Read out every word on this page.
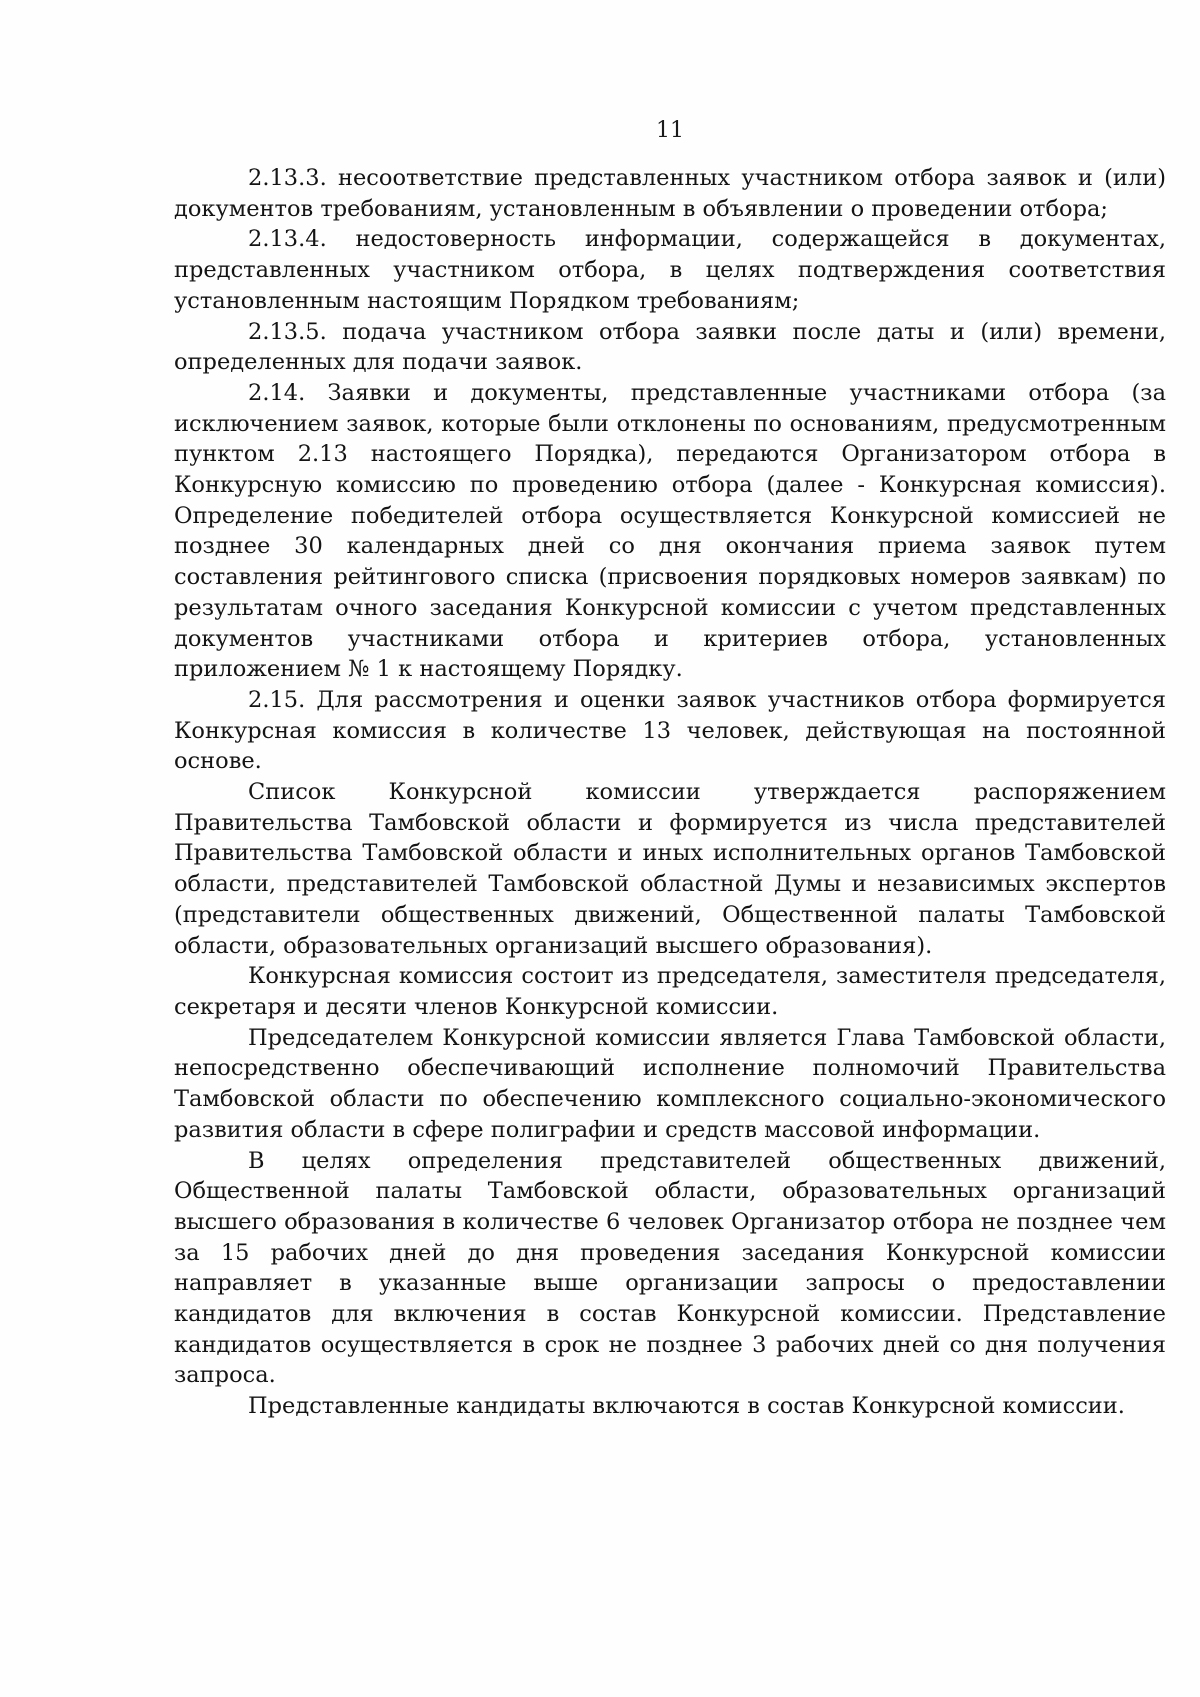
11

2.13.3. несоответствие представленных участником отбора заявок и (или) документов требованиям, установленным в объявлении о проведении отбора;

2.13.4. недостоверность информации, содержащейся в документах, представленных участником отбора, в целях подтверждения соответствия установленным настоящим Порядком требованиям;

2.13.5. подача участником отбора заявки после даты и (или) времени, определенных для подачи заявок.

2.14. Заявки и документы, представленные участниками отбора (за исключением заявок, которые были отклонены по основаниям, предусмотренным пунктом 2.13 настоящего Порядка), передаются Организатором отбора в Конкурсную комиссию по проведению отбора (далее - Конкурсная комиссия). Определение победителей отбора осуществляется Конкурсной комиссией не позднее 30 календарных дней со дня окончания приема заявок путем составления рейтингового списка (присвоения порядковых номеров заявкам) по результатам очного заседания Конкурсной комиссии с учетом представленных документов участниками отбора и критериев отбора, установленных приложением № 1 к настоящему Порядку.

2.15. Для рассмотрения и оценки заявок участников отбора формируется Конкурсная комиссия в количестве 13 человек, действующая на постоянной основе.

Список Конкурсной комиссии утверждается распоряжением Правительства Тамбовской области и формируется из числа представителей Правительства Тамбовской области и иных исполнительных органов Тамбовской области, представителей Тамбовской областной Думы и независимых экспертов (представители общественных движений, Общественной палаты Тамбовской области, образовательных организаций высшего образования).

Конкурсная комиссия состоит из председателя, заместителя председателя, секретаря и десяти членов Конкурсной комиссии.

Председателем Конкурсной комиссии является Глава Тамбовской области, непосредственно обеспечивающий исполнение полномочий Правительства Тамбовской области по обеспечению комплексного социально-экономического развития области в сфере полиграфии и средств массовой информации.

В целях определения представителей общественных движений, Общественной палаты Тамбовской области, образовательных организаций высшего образования в количестве 6 человек Организатор отбора не позднее чем за 15 рабочих дней до дня проведения заседания Конкурсной комиссии направляет в указанные выше организации запросы о предоставлении кандидатов для включения в состав Конкурсной комиссии. Представление кандидатов осуществляется в срок не позднее 3 рабочих дней со дня получения запроса.

Представленные кандидаты включаются в состав Конкурсной комиссии.
